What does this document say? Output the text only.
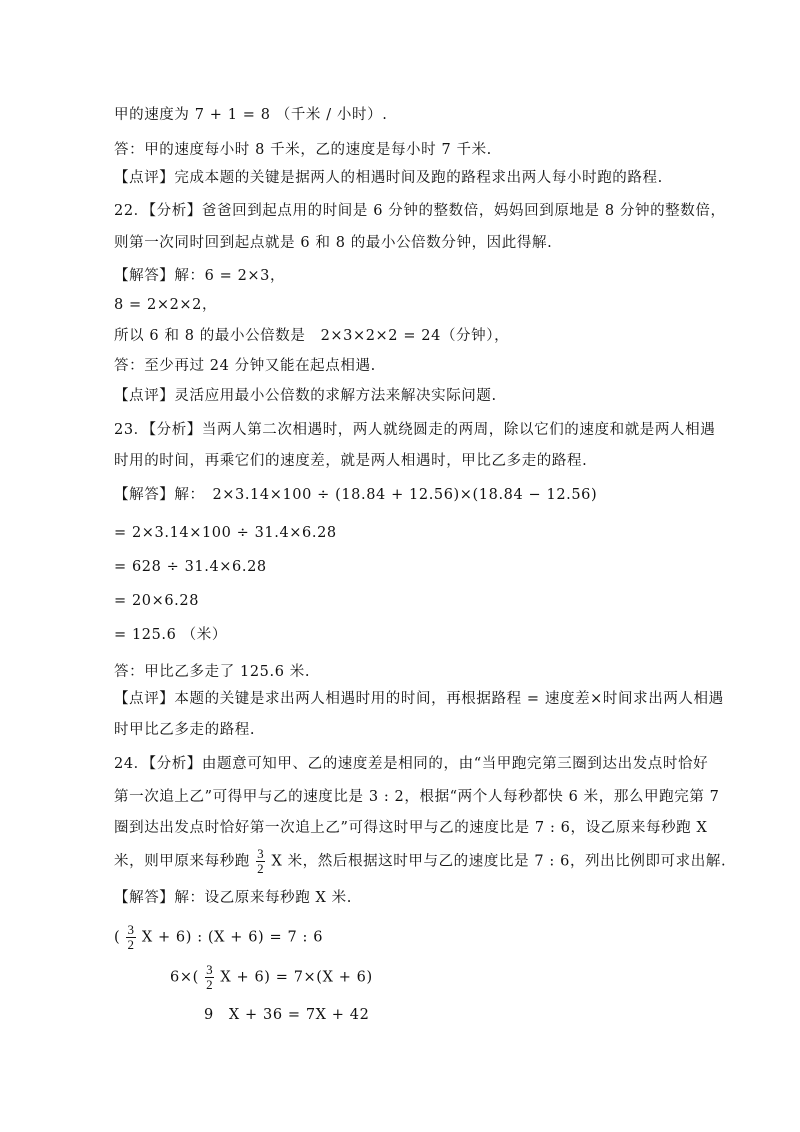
甲的速度为 7 + 1 = 8 （千米 / 小时）.
答：甲的速度每小时 8 千米，乙的速度是每小时 7 千米.
【点评】完成本题的关键是据两人的相遇时间及跑的路程求出两人每小时跑的路程.
22．【分析】爸爸回到起点用的时间是 6 分钟的整数倍，妈妈回到原地是 8 分钟的整数倍，
则第一次同时回到起点就是 6 和 8 的最小公倍数分钟，因此得解.
【解答】解：6 = 2×3，
8 = 2×2×2，
所以 6 和 8 的最小公倍数是　2×3×2×2 = 24（分钟），
答：至少再过 24 分钟又能在起点相遇.
【点评】灵活应用最小公倍数的求解方法来解决实际问题.
23．【分析】当两人第二次相遇时，两人就绕圆走的两周，除以它们的速度和就是两人相遇
时用的时间，再乘它们的速度差，就是两人相遇时，甲比乙多走的路程.
【解答】解：　2×3.14×100 ÷ (18.84 + 12.56)×(18.84 − 12.56)
= 2×3.14×100 ÷ 31.4×6.28
= 628 ÷ 31.4×6.28
= 20×6.28
= 125.6 （米）
答：甲比乙多走了 125.6 米.
【点评】本题的关键是求出两人相遇时用的时间，再根据路程 = 速度差×时间求出两人相遇
时甲比乙多走的路程.
24．【分析】由题意可知甲、乙的速度差是相同的，由“当甲跑完第三圈到达出发点时恰好
第一次追上乙”可得甲与乙的速度比是 3 : 2，根据“两个人每秒都快 6 米，那么甲跑完第 7
圈到达出发点时恰好第一次追上乙”可得这时甲与乙的速度比是 7 : 6，设乙原来每秒跑 X
米，则甲原来每秒跑 $\frac{3}{2}$ X 米，然后根据这时甲与乙的速度比是 7 : 6，列出比例即可求出解.
【解答】解：设乙原来每秒跑 X 米.
( $\frac{3}{2}$ X + 6) : (X + 6) = 7 : 6
$6\times( \frac{3}{2}$ X + 6) = 7×(X + 6)
9　X + 36 = 7X + 42
